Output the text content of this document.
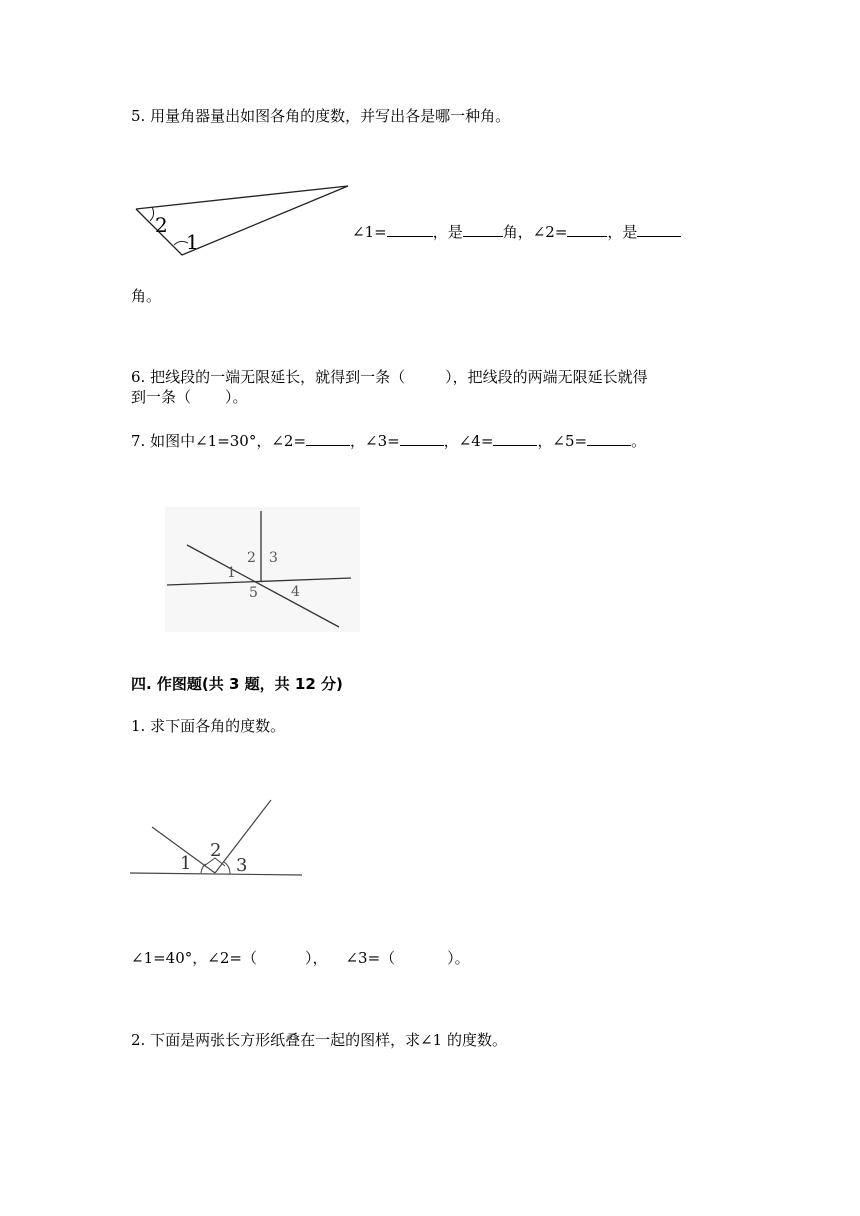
5. 用量角器量出如图各角的度数，并写出各是哪一种角。
2
1	∠1=	，是	角，∠2=	，是
角。
6. 把线段的一端无限延长，就得到一条（	），把线段的两端无限延长就得
到一条（ ）。
7. 如图中∠1=30°，∠2=	，∠3=	，∠4=	，∠5=	。
1
2 3
5 4
四. 作图题(共 3 题，共 12 分)
1. 求下面各角的度数。
1
2
3
∠1=40°，∠2=（	）， ∠3=（	）。
2. 下面是两张长方形纸叠在一起的图样，求∠1 的度数。
